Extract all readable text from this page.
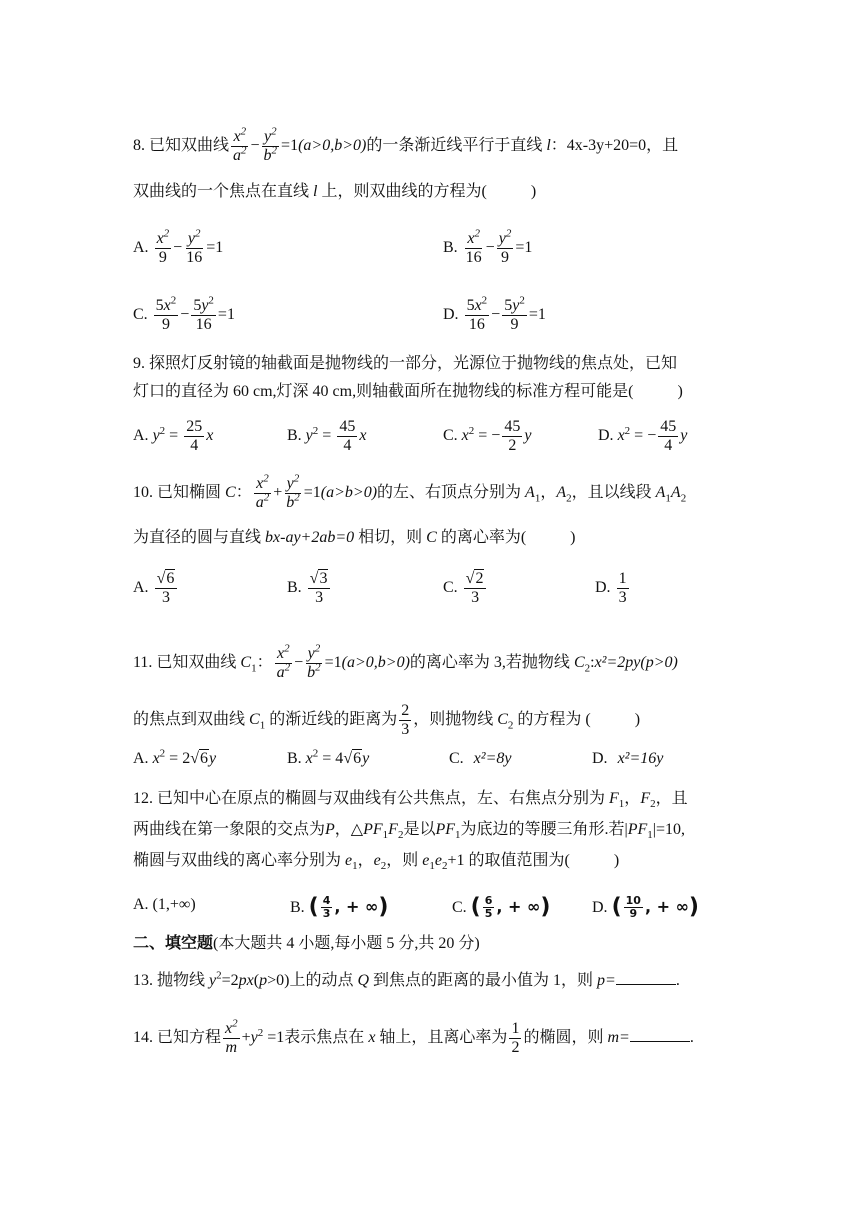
8. 已知双曲线 $\frac{x^2}{a^2} - \frac{y^2}{b^2} =1(a>0,b>0)$的一条渐近线平行于直线 l：4x-3y+20=0，且
双曲线的一个焦点在直线 l 上，则双曲线的方程为(	)
A. $\frac{x^2}{9} - \frac{y^2}{16} =1$	B. $\frac{x^2}{16} - \frac{y^2}{9} =1$
C. $\frac{5x^2}{9} - \frac{5y^2}{16} =1$	D. $\frac{5x^2}{16} - \frac{5y^2}{9} =1$
9. 探照灯反射镜的轴截面是抛物线的一部分，光源位于抛物线的焦点处，已知
灯口的直径为 60 cm,灯深 40 cm,则轴截面所在抛物线的标准方程可能是(	)
A. $y^2 = \frac{25}{4}$ x	B. $y^2 = \frac{45}{4}$ x	C. $x^2$ = − $\frac{45}{2}$ y	D. $x^2$ = − $\frac{45}{4}$ y
10. 已知椭圆 C： $\frac{x^2}{a^2} + \frac{y^2}{b^2} =1(a>b>0)$的左、右顶点分别为 $A_1$，$A_2$，且以线段 $A_1A_2$
为直径的圆与直线 bx-ay+2ab=0 相切，则 C 的离心率为(	)
A. $\frac{√6}{3}$	B. $\frac{√3}{3}$	C. $\frac{√2}{3}$	D. $\frac{1}{3}$
11. 已知双曲线 $C_1$： $\frac{x^2}{a^2} - \frac{y^2}{b^2} =1(a>0,b>0)$的离心率为 3,若抛物线 $C_2:x^2=2py(p>0)$
的焦点到双曲线 $C_1$ 的渐近线的距离为 $\frac{2}{3}$ ，则抛物线 $C_2$ 的方程为 (	)
A. $x^2 = 2√6y$	B. $x^2 = 4√6y$	C. x²=8y	D. x²=16y
12. 已知中心在原点的椭圆与双曲线有公共焦点，左、右焦点分别为 $F_1$，$F_2$，且
两曲线在第一象限的交点为P，$\triangle PF_1F_2$是以$PF_1$为底边的等腰三角形.若$|PF_1|=10$,
椭圆与双曲线的离心率分别为 $e_1$，$e_2$，则 $e_1e_2+1$ 的取值范围为(	)
A. (1,+∞)	B. ( $\frac{4}{3}$ , + ∞)	C. ( $\frac{6}{5}$ , + ∞)	D. ( $\frac{10}{9}$ , + ∞)
二、填空题(本大题共 4 小题,每小题 5 分,共 20 分)
13. 抛物线 $y^2=2px(p>0)$上的动点 Q 到焦点的距离的最小值为 1，则 p=	.
14. 已知方程 $\frac{x^2}{m} +y^2 =1$表示焦点在 x 轴上，且离心率为 $\frac{1}{2}$ 的椭圆，则 m=	.
